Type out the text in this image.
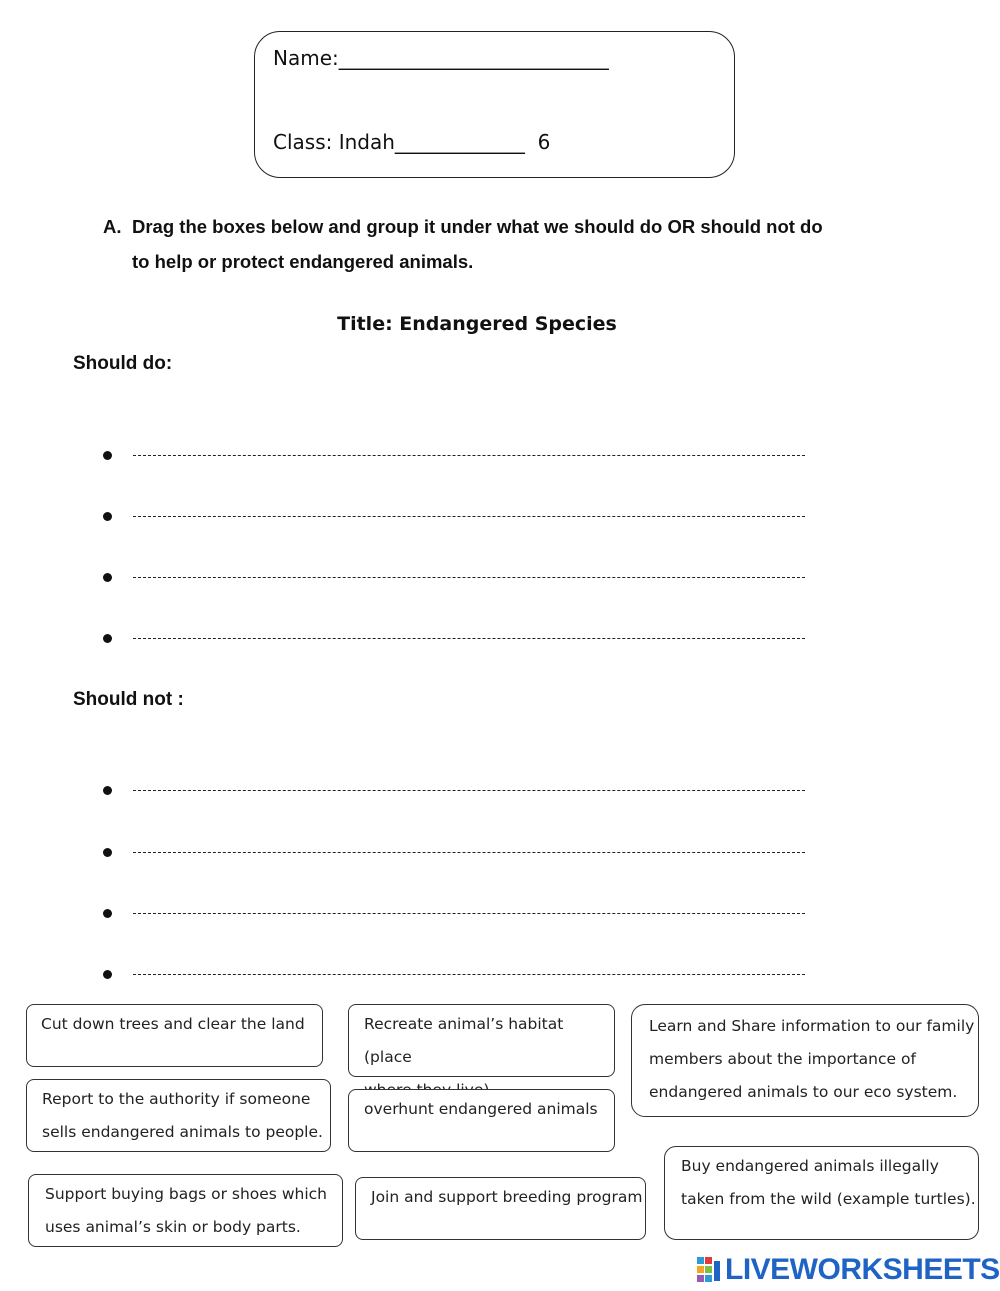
Name:___________________________
Class: Indah_____________  6
A. Drag the boxes below and group it under what we should do OR should not do
to help or protect endangered animals.
Title: Endangered Species
Should do:
Should not :
Cut down trees and clear the land	Recreate animal’s habitat (place
Learn and Share information to our family
members about the importance of
endangered animals to our eco system.
Report to the authority if someone
sells endangered animals to people.
overhunt endangered animals
Buy endangered animals illegally
taken from the wild (example turtles).
Support buying bags or shoes which
uses animal’s skin or body parts.
Join and support breeding program
LIVEWORKSHEETS
